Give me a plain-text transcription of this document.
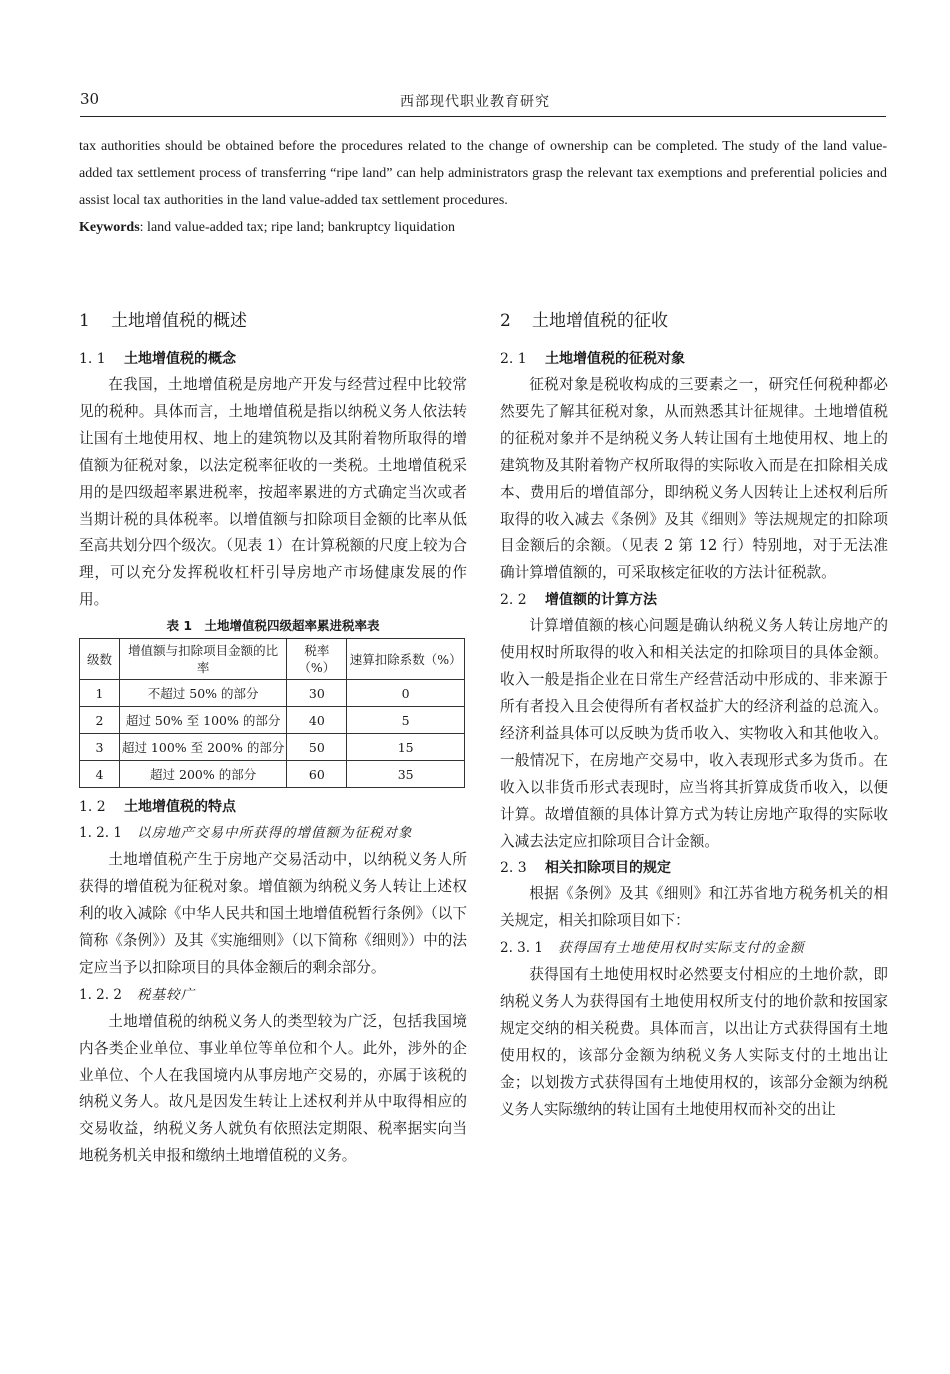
30	西部现代职业教育研究

tax authorities should be obtained before the procedures related to the change of ownership can be completed. The study of the land value-added tax settlement process of transferring “ripe land” can help administrators grasp the relevant tax exemptions and preferential policies and assist local tax authorities in the land value-added tax settlement procedures.

Keywords: land value-added tax; ripe land; bankruptcy liquidation

1 土地增值税的概述
1. 1 土地增值税的概念

在我国，土地增值税是房地产开发与经营过程中比较常见的税种。具体而言，土地增值税是指以纳税义务人依法转让国有土地使用权、地上的建筑物以及其附着物所取得的增值额为征税对象，以法定税率征收的一类税。土地增值税采用的是四级超率累进税率，按超率累进的方式确定当次或者当期计税的具体税率。以增值额与扣除项目金额的比率从低至高共划分四个级次。（见表 1）在计算税额的尺度上较为合理，可以充分发挥税收杠杆引导房地产市场健康发展的作用。

表 1　土地增值税四级超率累进税率表

级数	增值额与扣除项目金额的比率	税率（%）	速算扣除系数（%）
1	不超过 50% 的部分	30	0
2	超过 50% 至 100% 的部分	40	5
3	超过 100% 至 200% 的部分	50	15
4	超过 200% 的部分	60	35
1. 2 土地增值税的特点
1. 2. 1 以房地产交易中所获得的增值额为征税对象

土地增值税产生于房地产交易活动中，以纳税义务人所获得的增值税为征税对象。增值额为纳税义务人转让上述权利的收入减除《中华人民共和国土地增值税暂行条例》（以下简称《条例》）及其《实施细则》（以下简称《细则》）中的法定应当予以扣除项目的具体金额后的剩余部分。

1. 2. 2 税基较广

土地增值税的纳税义务人的类型较为广泛，包括我国境内各类企业单位、事业单位等单位和个人。此外，涉外的企业单位、个人在我国境内从事房地产交易的，亦属于该税的纳税义务人。故凡是因发生转让上述权利并从中取得相应的交易收益，纳税义务人就负有依照法定期限、税率据实向当地税务机关申报和缴纳土地增值税的义务。

2 土地增值税的征收
2. 1 土地增值税的征税对象

征税对象是税收构成的三要素之一，研究任何税种都必然要先了解其征税对象，从而熟悉其计征规律。土地增值税的征税对象并不是纳税义务人转让国有土地使用权、地上的建筑物及其附着物产权所取得的实际收入而是在扣除相关成本、费用后的增值部分，即纳税义务人因转让上述权利后所取得的收入减去《条例》及其《细则》等法规规定的扣除项目金额后的余额。（见表 2 第 12 行）特别地，对于无法准确计算增值额的，可采取核定征收的方法计征税款。

2. 2 增值额的计算方法

计算增值额的核心问题是确认纳税义务人转让房地产的使用权时所取得的收入和相关法定的扣除项目的具体金额。收入一般是指企业在日常生产经营活动中形成的、非来源于所有者投入且会使得所有者权益扩大的经济利益的总流入。经济利益具体可以反映为货币收入、实物收入和其他收入。一般情况下，在房地产交易中，收入表现形式多为货币。在收入以非货币形式表现时，应当将其折算成货币收入，以便计算。故增值额的具体计算方式为转让房地产取得的实际收入减去法定应扣除项目合计金额。

2. 3 相关扣除项目的规定

根据《条例》及其《细则》和江苏省地方税务机关的相关规定，相关扣除项目如下：

2. 3. 1 获得国有土地使用权时实际支付的金额

获得国有土地使用权时必然要支付相应的土地价款，即纳税义务人为获得国有土地使用权所支付的地价款和按国家规定交纳的相关税费。具体而言，以出让方式获得国有土地使用权的，该部分金额为纳税义务人实际支付的土地出让金；以划拨方式获得国有土地使用权的，该部分金额为纳税义务人实际缴纳的转让国有土地使用权而补交的出让
